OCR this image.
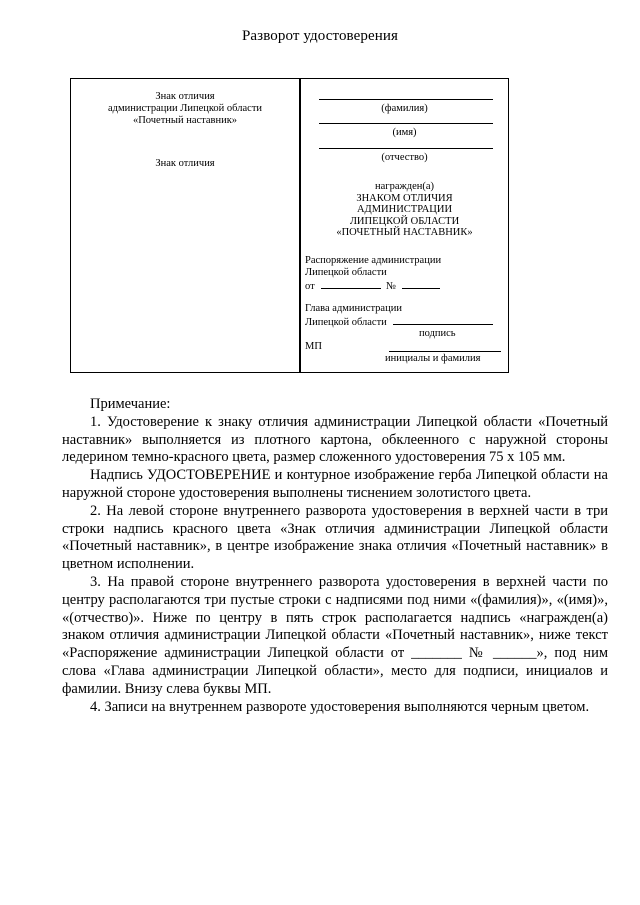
Разворот удостоверения
Знак отличия
администрации Липецкой области
«Почетный наставник»
Знак отличия
(фамилия)
(имя)
(отчество)
награжден(а)
ЗНАКОМ ОТЛИЧИЯ
АДМИНИСТРАЦИИ
ЛИПЕЦКОЙ ОБЛАСТИ
«ПОЧЕТНЫЙ НАСТАВНИК»
Распоряжение администрации
Липецкой области
от	№
Глава администрации
Липецкой области
подпись
МП
инициалы и фамилия

Примечание:

1. Удостоверение к знаку отличия администрации Липецкой области «Почетный наставник» выполняется из плотного картона, обклеенного с наружной стороны ледерином темно-красного цвета, размер сложенного удостоверения 75 х 105 мм.

Надпись УДОСТОВЕРЕНИЕ и контурное изображение герба Липецкой области на наружной стороне удостоверения выполнены тиснением золотистого цвета.

2. На левой стороне внутреннего разворота удостоверения в верхней части в три строки надпись красного цвета «Знак отличия администрации Липецкой области «Почетный наставник», в центре изображение знака отличия «Почетный наставник» в цветном исполнении.

3. На правой стороне внутреннего разворота удостоверения в верхней части по центру располагаются три пустые строки с надписями под ними «(фамилия)», «(имя)», «(отчество)». Ниже по центру в пять строк располагается надпись «награжден(а) знаком отличия администрации Липецкой области «Почетный наставник», ниже текст «Распоряжение администрации Липецкой области от _______ № ______», под ним слова «Глава администрации Липецкой области», место для подписи, инициалов и фамилии. Внизу слева буквы МП.

4. Записи на внутреннем развороте удостоверения выполняются черным цветом.
